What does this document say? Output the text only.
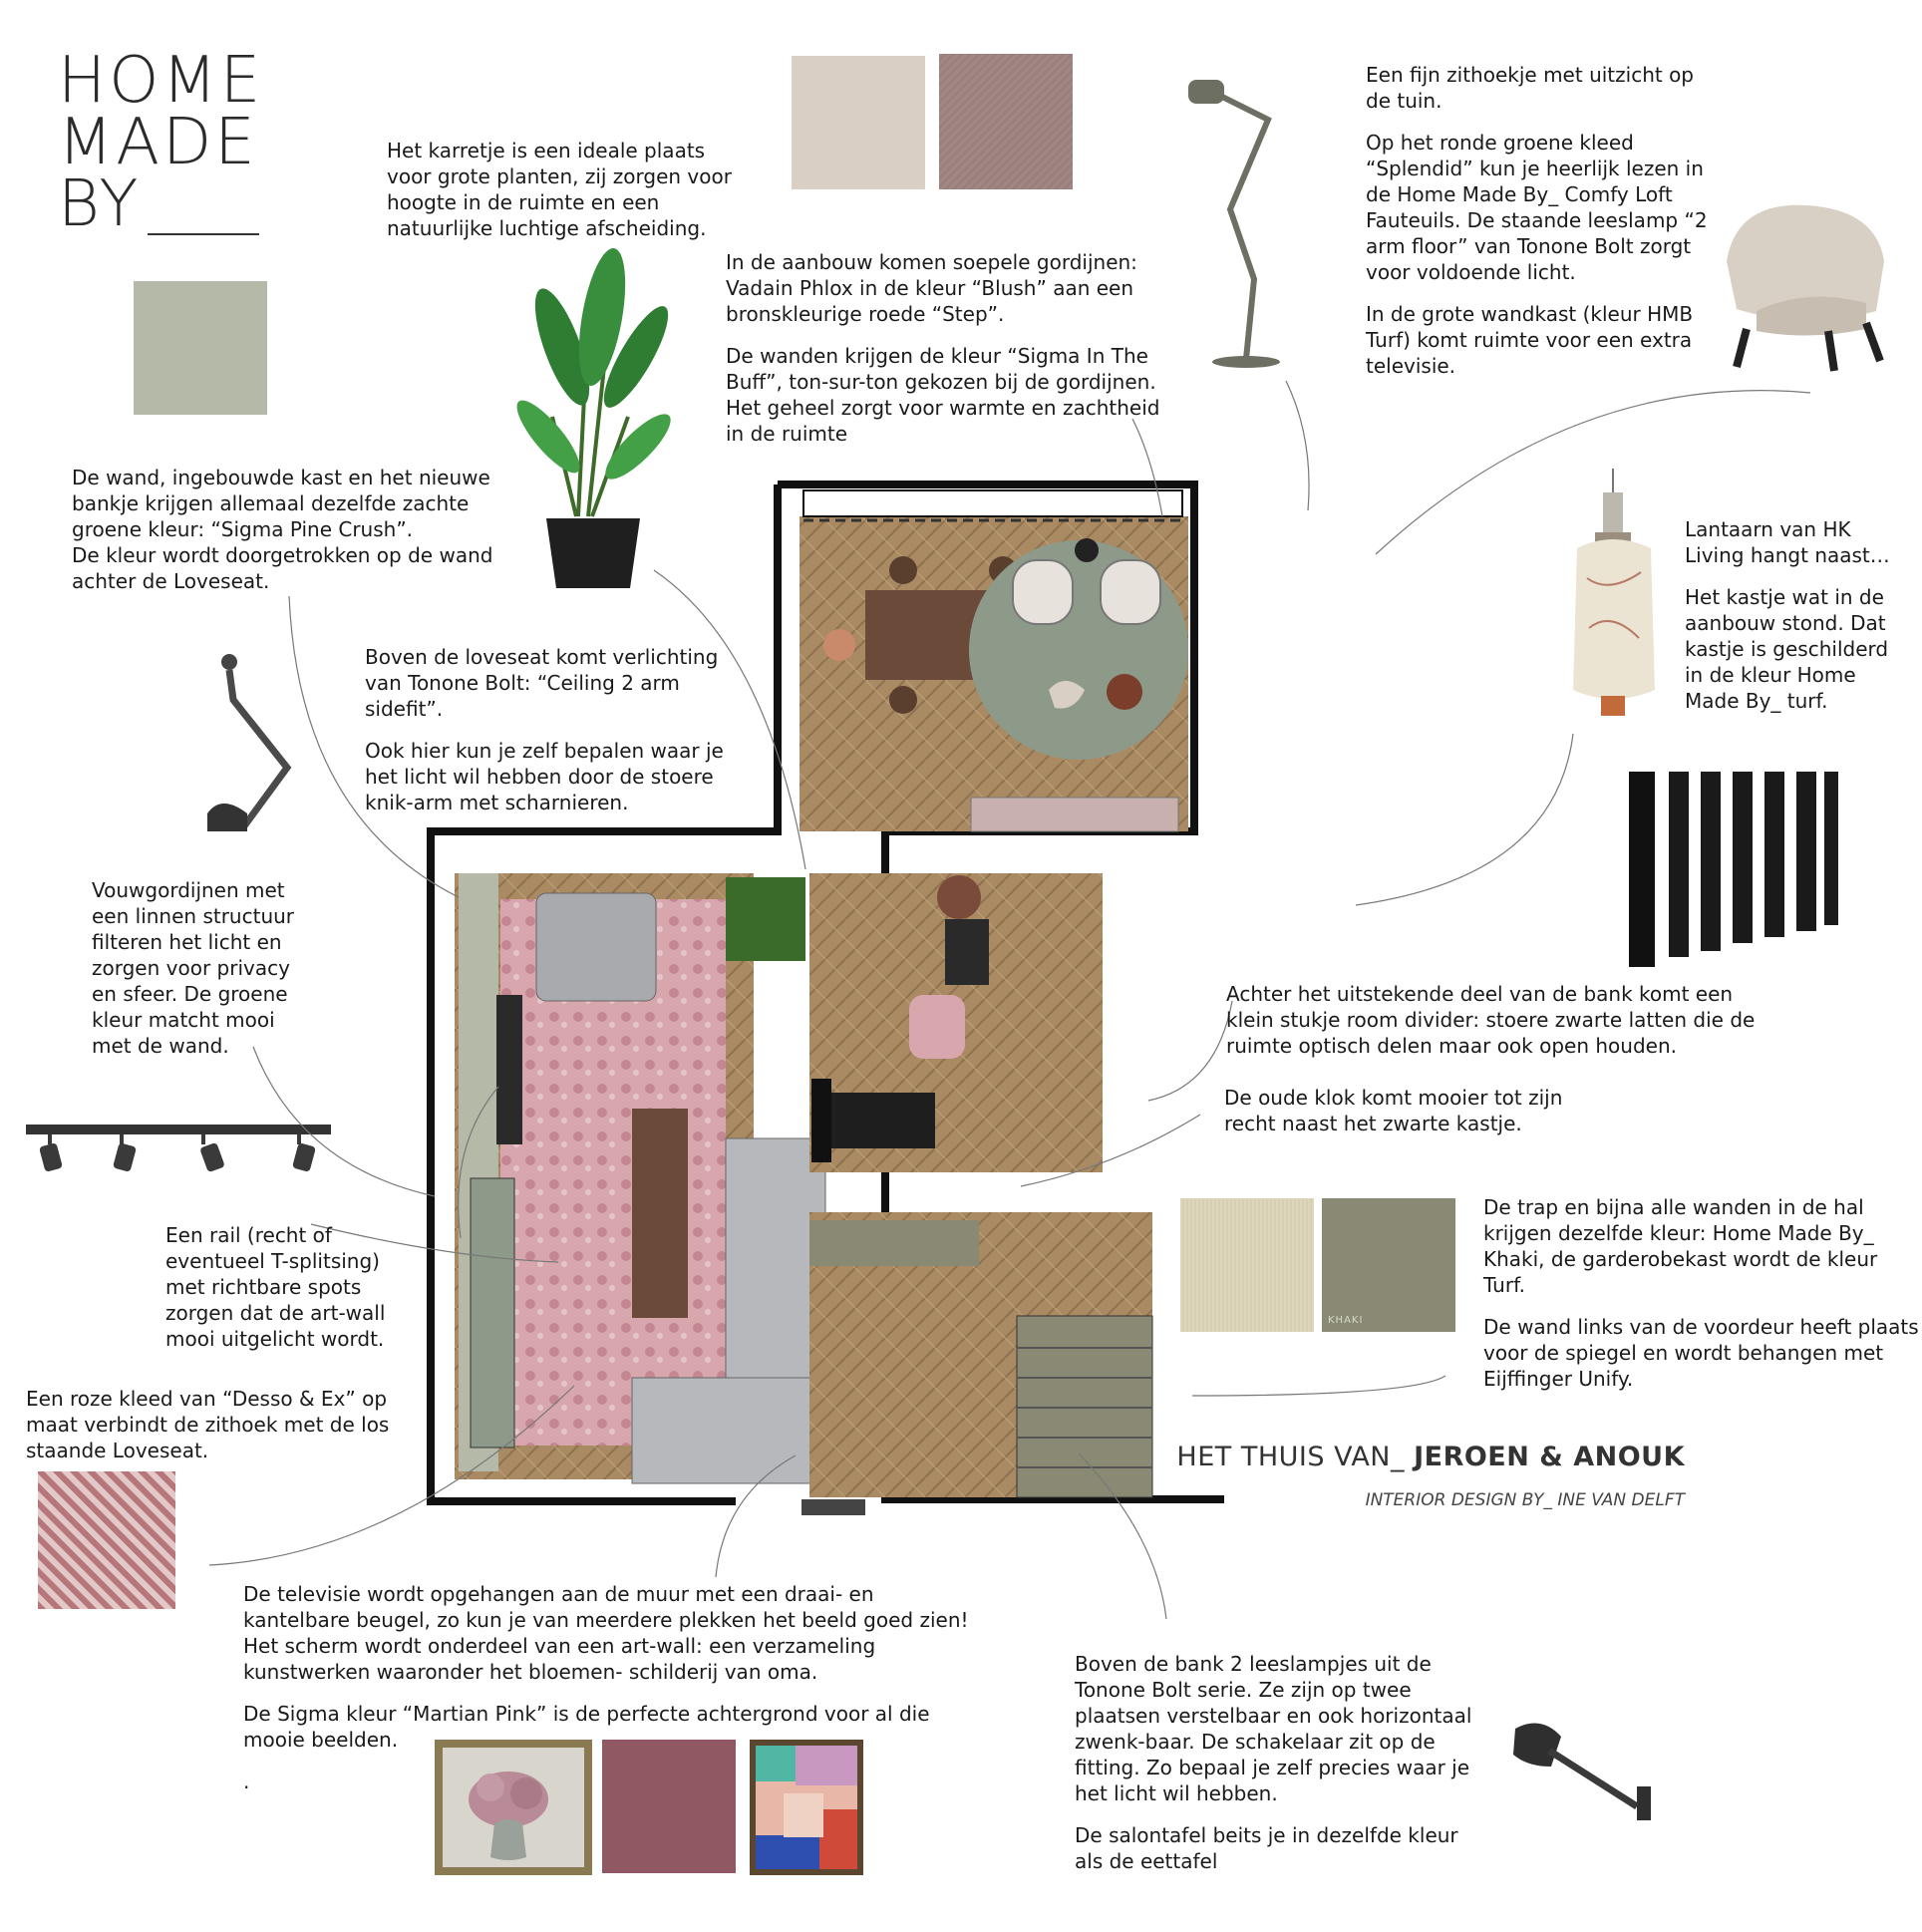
HOME
MADE
BY
KHAKI

Het karretje is een ideale plaats voor grote planten, zij zorgen voor hoogte in de ruimte en een natuurlijke luchtige afscheiding.

In de aanbouw komen soepele gordijnen: Vadain Phlox in de kleur “Blush” aan een bronskleurige roede “Step”.

De wanden krijgen de kleur “Sigma In The Buff”, ton-sur-ton gekozen bij de gordijnen. Het geheel zorgt voor warmte en zachtheid in de ruimte

Een fijn zithoekje met uitzicht op de tuin.

Op het ronde groene kleed “Splendid” kun je heerlijk lezen in de Home Made By_ Comfy Loft Fauteuils. De staande leeslamp “2 arm floor” van Tonone Bolt zorgt voor voldoende licht.

In de grote wandkast (kleur HMB Turf) komt ruimte voor een extra televisie.

De wand, ingebouwde kast en het nieuwe bankje krijgen allemaal dezelfde zachte groene kleur: “Sigma Pine Crush”.
De kleur wordt doorgetrokken op de wand achter de Loveseat.

Lantaarn van HK Living hangt naast…

Het kastje wat in de aanbouw stond. Dat kastje is geschilderd in de kleur Home Made By_ turf.

Boven de loveseat komt verlichting van Tonone Bolt: “Ceiling 2 arm sidefit”.

Ook hier kun je zelf bepalen waar je het licht wil hebben door de stoere knik-arm met scharnieren.

Vouwgordijnen met een linnen structuur filteren het licht en zorgen voor privacy en sfeer. De groene kleur matcht mooi met de wand.

Achter het uitstekende deel van de bank komt een klein stukje room divider: stoere zwarte latten die de ruimte optisch delen maar ook open houden.

De oude klok komt mooier tot zijn recht naast het zwarte kastje.

Een rail (recht of eventueel T-splitsing) met richtbare spots zorgen dat de art-wall mooi uitgelicht wordt.

De trap en bijna alle wanden in de hal krijgen dezelfde kleur: Home Made By_ Khaki, de garderobekast wordt de kleur Turf.

De wand links van de voordeur heeft plaats voor de spiegel en wordt behangen met Eijffinger Unify.

Een roze kleed van “Desso & Ex” op maat verbindt de zithoek met de los staande Loveseat.	HET THUIS VAN_ JEROEN & ANOUK
INTERIOR DESIGN BY_ INE VAN DELFT

De televisie wordt opgehangen aan de muur met een draai- en kantelbare beugel, zo kun je van meerdere plekken het beeld goed zien! Het scherm wordt onderdeel van een art-wall: een verzameling kunstwerken waaronder het bloemen- schilderij van oma.

De Sigma kleur “Martian Pink” is de perfecte achtergrond voor al die mooie beelden.

.

Boven de bank 2 leeslampjes uit de Tonone Bolt serie. Ze zijn op twee plaatsen verstelbaar en ook horizontaal zwenk-baar. De schakelaar zit op de fitting. Zo bepaal je zelf precies waar je het licht wil hebben.

De salontafel beits je in dezelfde kleur als de eettafel
